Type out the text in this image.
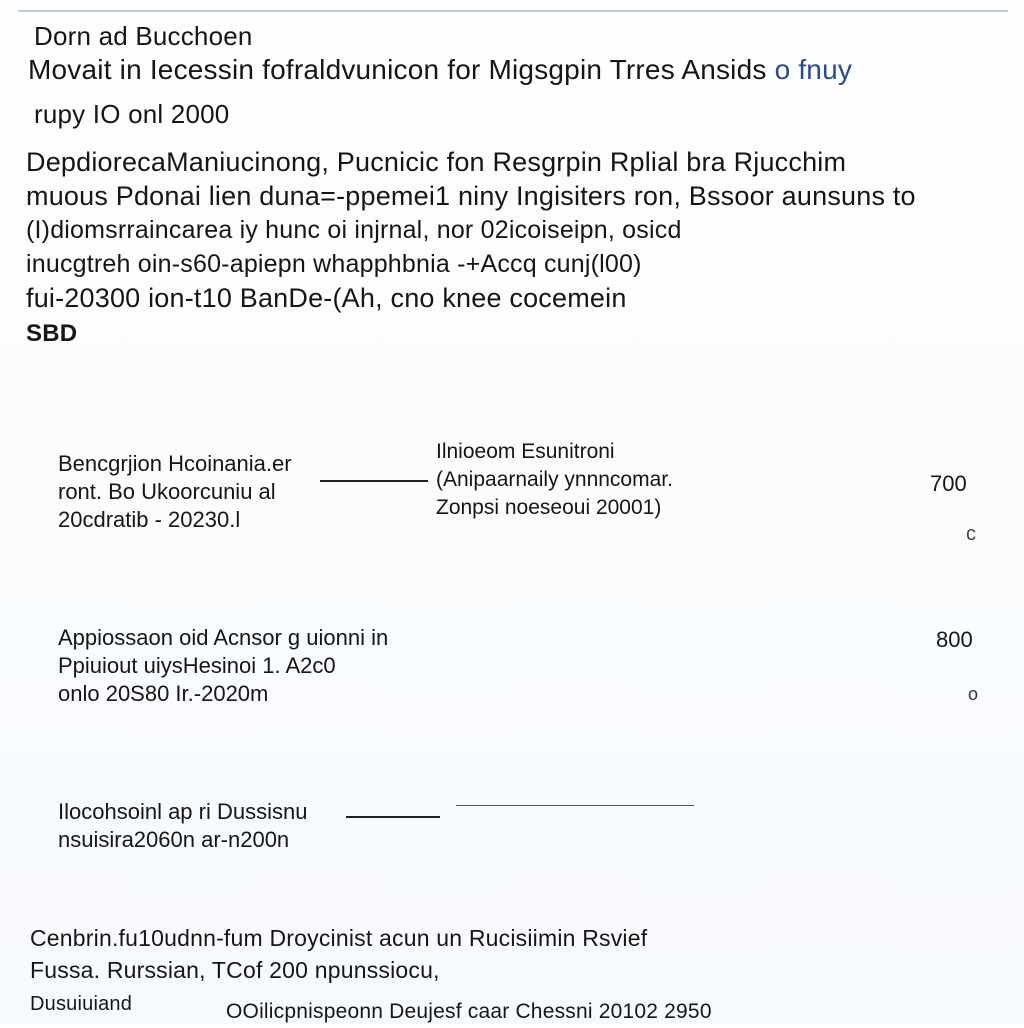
Dorn ad Bucchoen
Movait in Iecessin fofraldvunicon for Migsgpin Trres Ansids o fnuy
rupy IO onl 2000
DepdiorecaManiucinong, Pucnicic fon Resgrpin Rplial bra Rjucchim
muous Pdonai lien duna=-ppemei1 niny Ingisiters ron, Bssoor aunsuns to
(I)diomsrraincarea iy hunc oi injrnal, nor 02icoiseipn, osicd
inucgtreh oin-s60-apiepn whapphbnia -+Accq cunj(l00)
fui-20300 ion-t10 BanDe-(Ah, cno knee cocemein
SBD
Bencgrjion Hcoinania.er
ront. Bo Ukoorcuniu al
20cdratib - 20230.l
Ilnioeom Esunitroni
(Anipaarnaily ynnncomar.
Zonpsi noeseoui 20001)
700
c
Appiossaon oid Acnsor g uionni in
Ppiuiout uiysHesinoi 1. A2c0
onlo 20S80 Ir.-2020m
800
o
Ilocohsoinl ap ri Dussisnu
nsuisira2060n ar-n200n
Cenbrin.fu10udnn-fum Droycinist acun un Rucisiimin Rsvief
Fussa. Rurssian, TCof 200 npunssiocu,
Dusuiuiand	OOilicpnispeonn Deujesf caar Chessni 20102 2950
